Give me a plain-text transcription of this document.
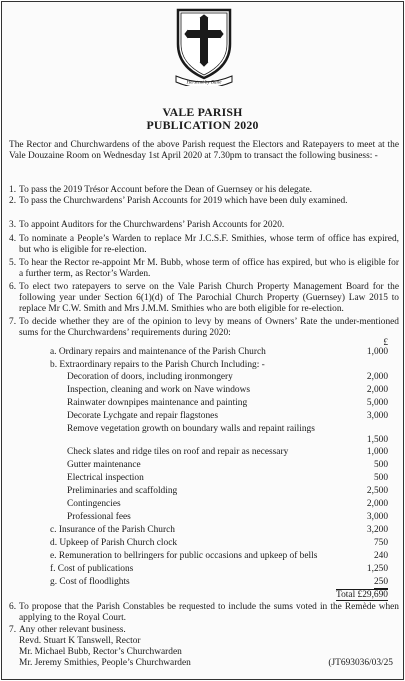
Herstent by Bulle
VALE PARISH
PUBLICATION 2020
The Rector and Churchwardens of the above Parish request the Electors and Ratepayers to meet at the Vale Douzaine Room on Wednesday 1st April 2020 at 7.30pm to transact the following business: -
1. To pass the 2019 Trésor Account before the Dean of Guernsey or his delegate.
2. To pass the Churchwardens’ Parish Accounts for 2019 which have been duly examined.
3. To appoint Auditors for the Churchwardens’ Parish Accounts for 2020.
4. To nominate a People’s Warden to replace Mr J.C.S.F. Smithies, whose term of office has expired, but who is eligible for re-election.
5. To hear the Rector re-appoint Mr M. Bubb, whose term of office has expired, but who is eligible for a further term, as Rector’s Warden.
6. To elect two ratepayers to serve on the Vale Parish Church Property Management Board for the following year under Section 6(1)(d) of The Parochial Church Property (Guernsey) Law 2015 to replace Mr C.W. Smith and Mrs J.M.M. Smithies who are both eligible for re-election.
7. To decide whether they are of the opinion to levy by means of Owners’ Rate the under-mentioned sums for the Churchwardens’ requirements during 2020:
£
a. Ordinary repairs and maintenance of the Parish Church	1,000
b. Extraordinary repairs to the Parish Church Including: -
Decoration of doors, including ironmongery	2,000
Inspection, cleaning and work on Nave windows	2,000
Rainwater downpipes maintenance and painting	5,000
Decorate Lychgate and repair flagstones	3,000
Remove vegetation growth on boundary walls and repaint railings
1,500
Check slates and ridge tiles on roof and repair as necessary	1,000
Gutter maintenance	500
Electrical inspection	500
Preliminaries and scaffolding	2,500
Contingencies	2,000
Professional fees	3,000
c. Insurance of the Parish Church	3,200
d. Upkeep of Parish Church clock	750
e. Remuneration to bellringers for public occasions and upkeep of bells	240
f. Cost of publications	1,250
g. Cost of floodlights	250
Total £29,690
6. To propose that the Parish Constables be requested to include the sums voted in the Remède when applying to the Royal Court.
7. Any other relevant business.
Revd. Stuart K Tanswell, Rector
Mr. Michael Bubb, Rector’s Churchwarden
Mr. Jeremy Smithies, People’s Churchwarden	(JT693036/03/25
